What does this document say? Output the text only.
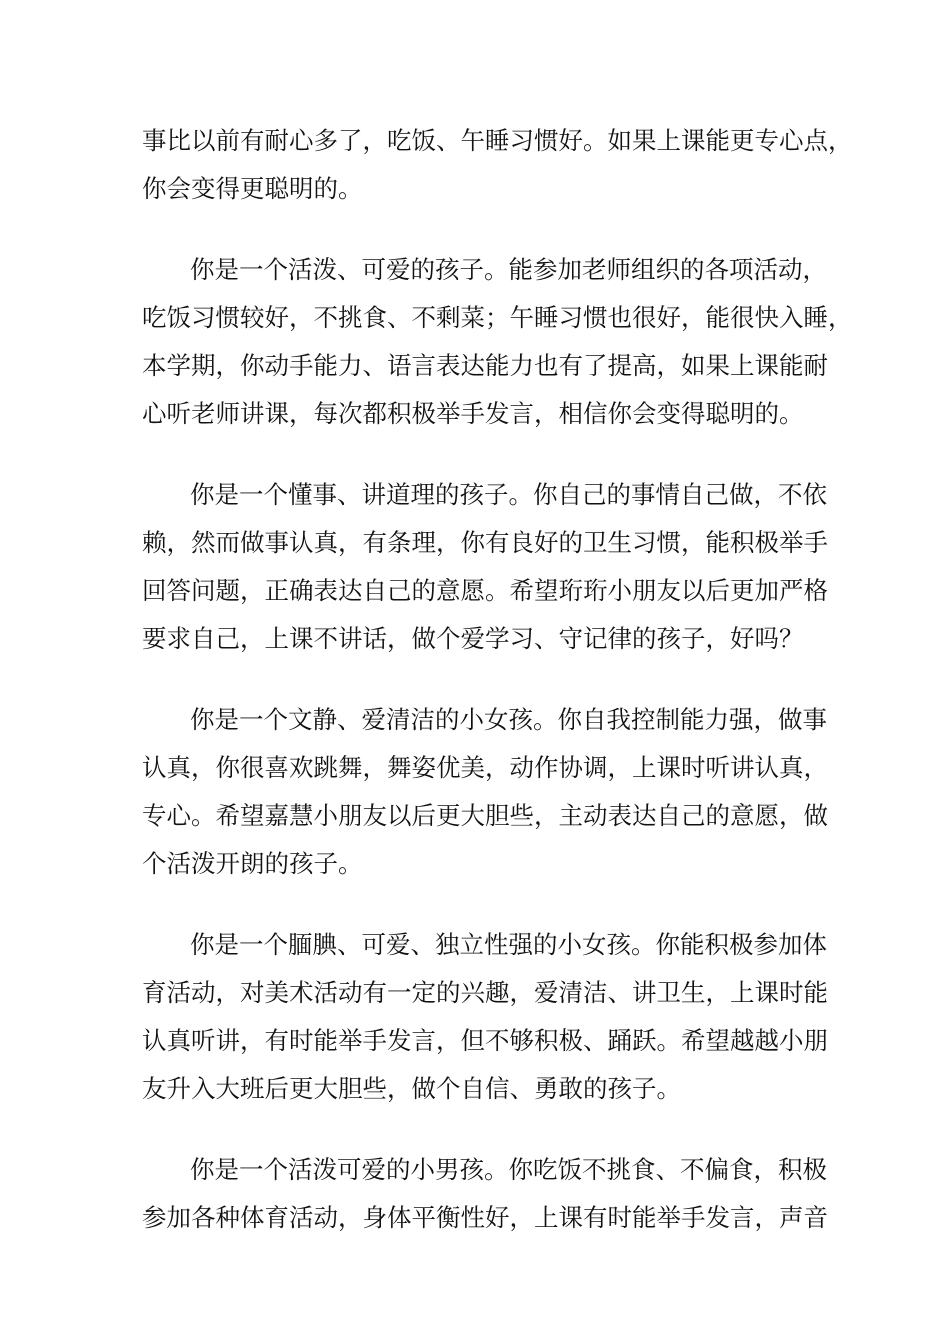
事比以前有耐心多了，吃饭、午睡习惯好。如果上课能更专心点，
你会变得更聪明的。
你是一个活泼、可爱的孩子。能参加老师组织的各项活动，
吃饭习惯较好，不挑食、不剩菜；午睡习惯也很好，能很快入睡，
本学期，你动手能力、语言表达能力也有了提高，如果上课能耐
心听老师讲课，每次都积极举手发言，相信你会变得聪明的。
你是一个懂事、讲道理的孩子。你自己的事情自己做，不依
赖，然而做事认真，有条理，你有良好的卫生习惯，能积极举手
回答问题，正确表达自己的意愿。希望珩珩小朋友以后更加严格
要求自己，上课不讲话，做个爱学习、守记律的孩子，好吗？
你是一个文静、爱清洁的小女孩。你自我控制能力强，做事
认真，你很喜欢跳舞，舞姿优美，动作协调，上课时听讲认真，
专心。希望嘉慧小朋友以后更大胆些，主动表达自己的意愿，做
个活泼开朗的孩子。
你是一个腼腆、可爱、独立性强的小女孩。你能积极参加体
育活动，对美术活动有一定的兴趣，爱清洁、讲卫生，上课时能
认真听讲，有时能举手发言，但不够积极、踊跃。希望越越小朋
友升入大班后更大胆些，做个自信、勇敢的孩子。
你是一个活泼可爱的小男孩。你吃饭不挑食、不偏食，积极
参加各种体育活动，身体平衡性好，上课有时能举手发言，声音
